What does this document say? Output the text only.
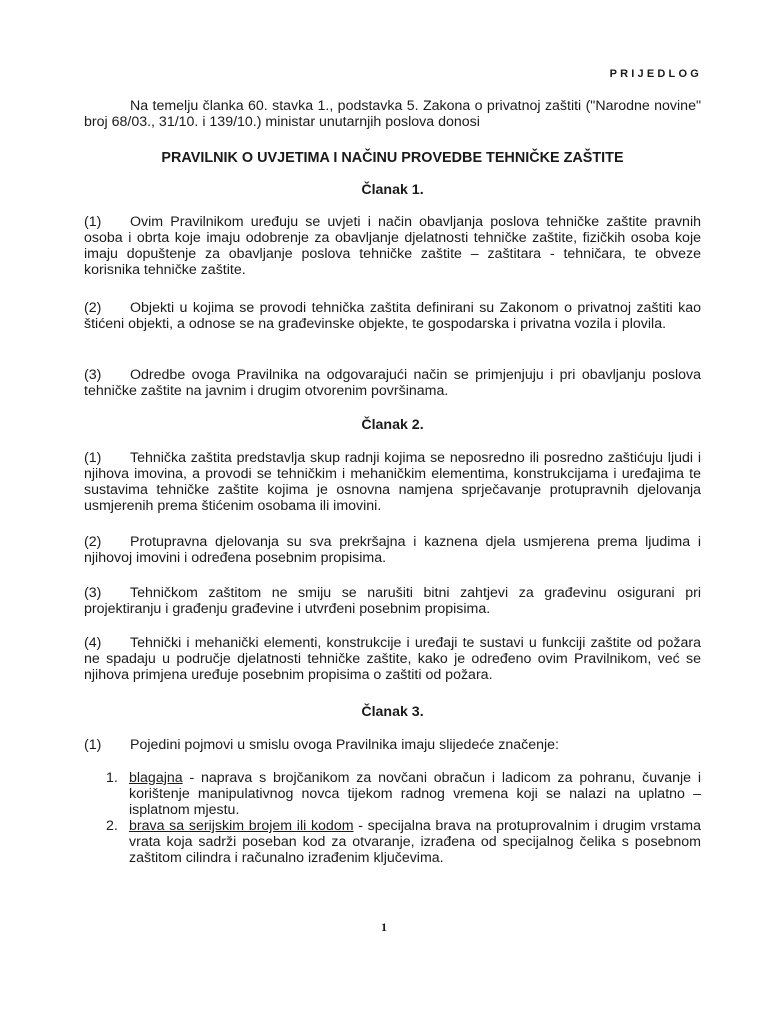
PRIJEDLOG
Na temelju članka 60. stavka 1., podstavka 5. Zakona o privatnoj zaštiti ("Narodne novine" broj 68/03., 31/10. i 139/10.) ministar unutarnjih poslova donosi
PRAVILNIK O UVJETIMA I NAČINU PROVEDBE TEHNIČKE ZAŠTITE
Članak 1.
(1) Ovim Pravilnikom uređuju se uvjeti i način obavljanja poslova tehničke zaštite pravnih osoba i obrta koje imaju odobrenje za obavljanje djelatnosti tehničke zaštite, fizičkih osoba koje imaju dopuštenje za obavljanje poslova tehničke zaštite – zaštitara - tehničara, te obveze korisnika tehničke zaštite.
(2) Objekti u kojima se provodi tehnička zaštita definirani su Zakonom o privatnoj zaštiti kao štićeni objekti, a odnose se na građevinske objekte, te gospodarska i privatna vozila i plovila.
(3) Odredbe ovoga Pravilnika na odgovarajući način se primjenjuju i pri obavljanju poslova tehničke zaštite na javnim i drugim otvorenim površinama.
Članak 2.
(1) Tehnička zaštita predstavlja skup radnji kojima se neposredno ili posredno zaštićuju ljudi i njihova imovina, a provodi se tehničkim i mehaničkim elementima, konstrukcijama i uređajima te sustavima tehničke zaštite kojima je osnovna namjena sprječavanje protupravnih djelovanja usmjerenih prema štićenim osobama ili imovini.
(2) Protupravna djelovanja su sva prekršajna i kaznena djela usmjerena prema ljudima i njihovoj imovini i određena posebnim propisima.
(3) Tehničkom zaštitom ne smiju se narušiti bitni zahtjevi za građevinu osigurani pri projektiranju i građenju građevine i utvrđeni posebnim propisima.
(4) Tehnički i mehanički elementi, konstrukcije i uređaji te sustavi u funkciji zaštite od požara ne spadaju u područje djelatnosti tehničke zaštite, kako je određeno ovim Pravilnikom, već se njihova primjena uređuje posebnim propisima o zaštiti od požara.
Članak 3.
(1) Pojedini pojmovi u smislu ovoga Pravilnika imaju slijedeće značenje:
1. blagajna - naprava s brojčanikom za novčani obračun i ladicom za pohranu, čuvanje i korištenje manipulativnog novca tijekom radnog vremena koji se nalazi na uplatno – isplatnom mjestu.
2. brava sa serijskim brojem ili kodom - specijalna brava na protuprovalnim i drugim vrstama vrata koja sadrži poseban kod za otvaranje, izrađena od specijalnog čelika s posebnom zaštitom cilindra i računalno izrađenim ključevima.
1
